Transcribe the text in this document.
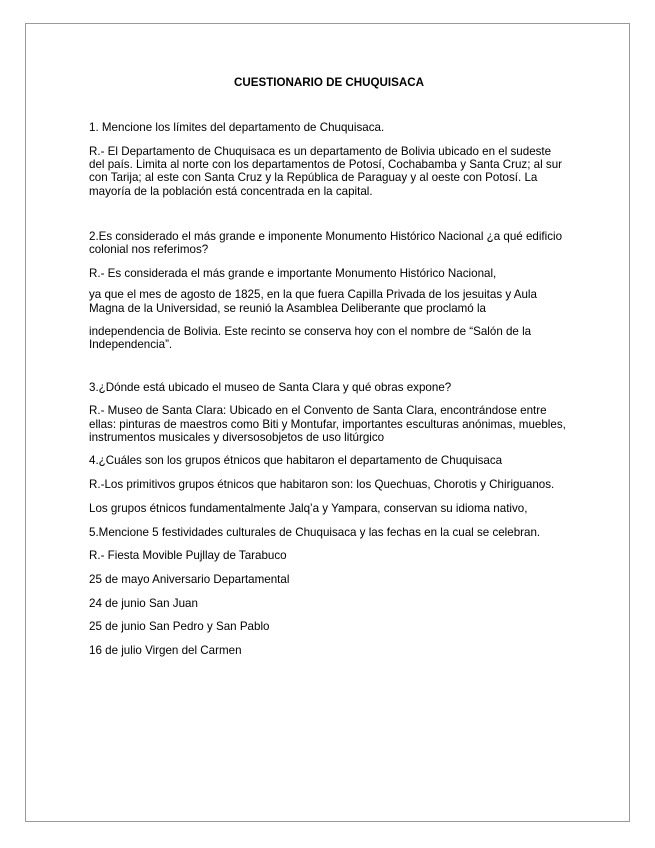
CUESTIONARIO DE CHUQUISACA

1. Mencione los límites del departamento de Chuquisaca.

R.- El Departamento de Chuquisaca es un departamento de Bolivia ubicado en el sudeste del país. Limita al norte con los departamentos de Potosí, Cochabamba y Santa Cruz; al sur con Tarija; al este con Santa Cruz y la República de Paraguay y al oeste con Potosí. La mayoría de la población está concentrada en la capital.

2.Es considerado el más grande e imponente Monumento Histórico Nacional ¿a qué edificio colonial nos referimos?

R.- Es considerada el más grande e importante Monumento Histórico Nacional,

ya que el mes de agosto de 1825, en la que fuera Capilla Privada de los jesuitas y Aula Magna de la Universidad, se reunió la Asamblea Deliberante que proclamó la

independencia de Bolivia. Este recinto se conserva hoy con el nombre de “Salón de la Independencia”.

3.¿Dónde está ubicado el museo de Santa Clara y qué obras expone?

R.- Museo de Santa Clara: Ubicado en el Convento de Santa Clara, encontrándose entre ellas: pinturas de maestros como Biti y Montufar, importantes esculturas anónimas, muebles, instrumentos musicales y diversosobjetos de uso litúrgico

4.¿Cuáles son los grupos étnicos que habitaron el departamento de Chuquisaca

R.-Los primitivos grupos étnicos que habitaron son: los Quechuas, Chorotis y Chiriguanos.

Los grupos étnicos fundamentalmente Jalq’a y Yampara, conservan su idioma nativo,

5.Mencione 5 festividades culturales de Chuquisaca y las fechas en la cual se celebran.

R.- Fiesta Movible Pujllay de Tarabuco

25 de mayo Aniversario Departamental

24 de junio San Juan

25 de junio San Pedro y San Pablo

16 de julio Virgen del Carmen
